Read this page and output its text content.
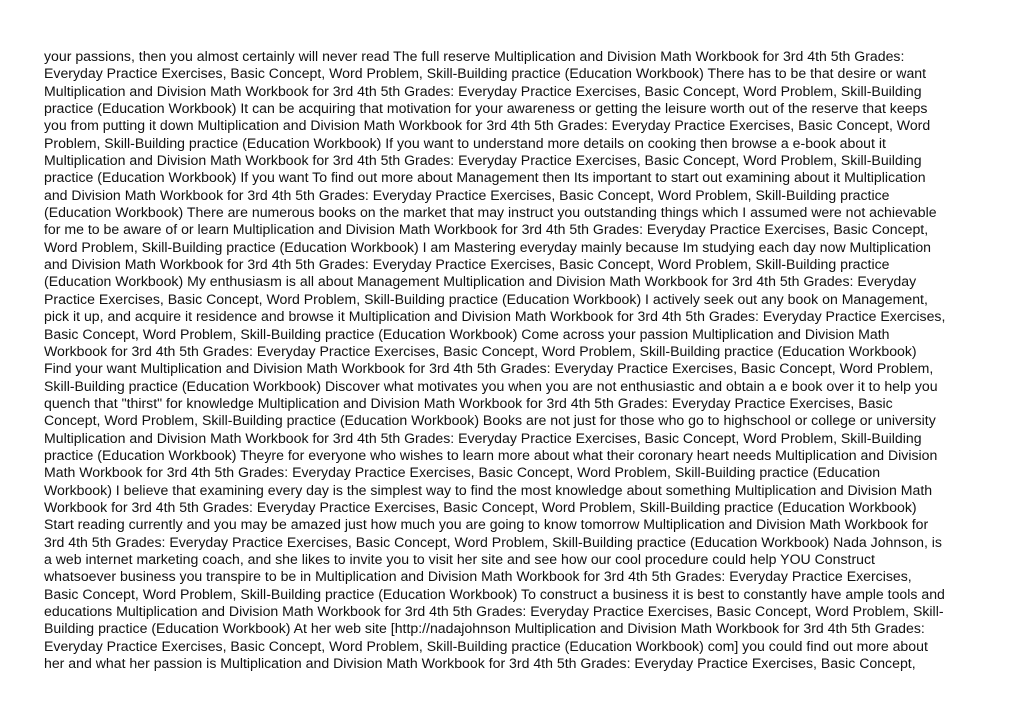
your passions, then you almost certainly will never read The full reserve Multiplication and Division Math Workbook for 3rd 4th 5th Grades:
Everyday Practice Exercises, Basic Concept, Word Problem, Skill-Building practice (Education Workbook) There has to be that desire or want
Multiplication and Division Math Workbook for 3rd 4th 5th Grades: Everyday Practice Exercises, Basic Concept, Word Problem, Skill-Building
practice (Education Workbook) It can be acquiring that motivation for your awareness or getting the leisure worth out of the reserve that keeps
you from putting it down Multiplication and Division Math Workbook for 3rd 4th 5th Grades: Everyday Practice Exercises, Basic Concept, Word
Problem, Skill-Building practice (Education Workbook) If you want to understand more details on cooking then browse a e-book about it
Multiplication and Division Math Workbook for 3rd 4th 5th Grades: Everyday Practice Exercises, Basic Concept, Word Problem, Skill-Building
practice (Education Workbook) If you want To find out more about Management then Its important to start out examining about it Multiplication
and Division Math Workbook for 3rd 4th 5th Grades: Everyday Practice Exercises, Basic Concept, Word Problem, Skill-Building practice
(Education Workbook) There are numerous books on the market that may instruct you outstanding things which I assumed were not achievable
for me to be aware of or learn Multiplication and Division Math Workbook for 3rd 4th 5th Grades: Everyday Practice Exercises, Basic Concept,
Word Problem, Skill-Building practice (Education Workbook) I am Mastering everyday mainly because Im studying each day now Multiplication
and Division Math Workbook for 3rd 4th 5th Grades: Everyday Practice Exercises, Basic Concept, Word Problem, Skill-Building practice
(Education Workbook) My enthusiasm is all about Management Multiplication and Division Math Workbook for 3rd 4th 5th Grades: Everyday
Practice Exercises, Basic Concept, Word Problem, Skill-Building practice (Education Workbook) I actively seek out any book on Management,
pick it up, and acquire it residence and browse it Multiplication and Division Math Workbook for 3rd 4th 5th Grades: Everyday Practice Exercises,
Basic Concept, Word Problem, Skill-Building practice (Education Workbook) Come across your passion Multiplication and Division Math
Workbook for 3rd 4th 5th Grades: Everyday Practice Exercises, Basic Concept, Word Problem, Skill-Building practice (Education Workbook)
Find your want Multiplication and Division Math Workbook for 3rd 4th 5th Grades: Everyday Practice Exercises, Basic Concept, Word Problem,
Skill-Building practice (Education Workbook) Discover what motivates you when you are not enthusiastic and obtain a e book over it to help you
quench that "thirst" for knowledge Multiplication and Division Math Workbook for 3rd 4th 5th Grades: Everyday Practice Exercises, Basic
Concept, Word Problem, Skill-Building practice (Education Workbook) Books are not just for those who go to highschool or college or university
Multiplication and Division Math Workbook for 3rd 4th 5th Grades: Everyday Practice Exercises, Basic Concept, Word Problem, Skill-Building
practice (Education Workbook) Theyre for everyone who wishes to learn more about what their coronary heart needs Multiplication and Division
Math Workbook for 3rd 4th 5th Grades: Everyday Practice Exercises, Basic Concept, Word Problem, Skill-Building practice (Education
Workbook) I believe that examining every day is the simplest way to find the most knowledge about something Multiplication and Division Math
Workbook for 3rd 4th 5th Grades: Everyday Practice Exercises, Basic Concept, Word Problem, Skill-Building practice (Education Workbook)
Start reading currently and you may be amazed just how much you are going to know tomorrow Multiplication and Division Math Workbook for
3rd 4th 5th Grades: Everyday Practice Exercises, Basic Concept, Word Problem, Skill-Building practice (Education Workbook) Nada Johnson, is
a web internet marketing coach, and she likes to invite you to visit her site and see how our cool procedure could help YOU Construct
whatsoever business you transpire to be in Multiplication and Division Math Workbook for 3rd 4th 5th Grades: Everyday Practice Exercises,
Basic Concept, Word Problem, Skill-Building practice (Education Workbook) To construct a business it is best to constantly have ample tools and
educations Multiplication and Division Math Workbook for 3rd 4th 5th Grades: Everyday Practice Exercises, Basic Concept, Word Problem, Skill-
Building practice (Education Workbook) At her web site [http://nadajohnson Multiplication and Division Math Workbook for 3rd 4th 5th Grades:
Everyday Practice Exercises, Basic Concept, Word Problem, Skill-Building practice (Education Workbook) com] you could find out more about
her and what her passion is Multiplication and Division Math Workbook for 3rd 4th 5th Grades: Everyday Practice Exercises, Basic Concept,
